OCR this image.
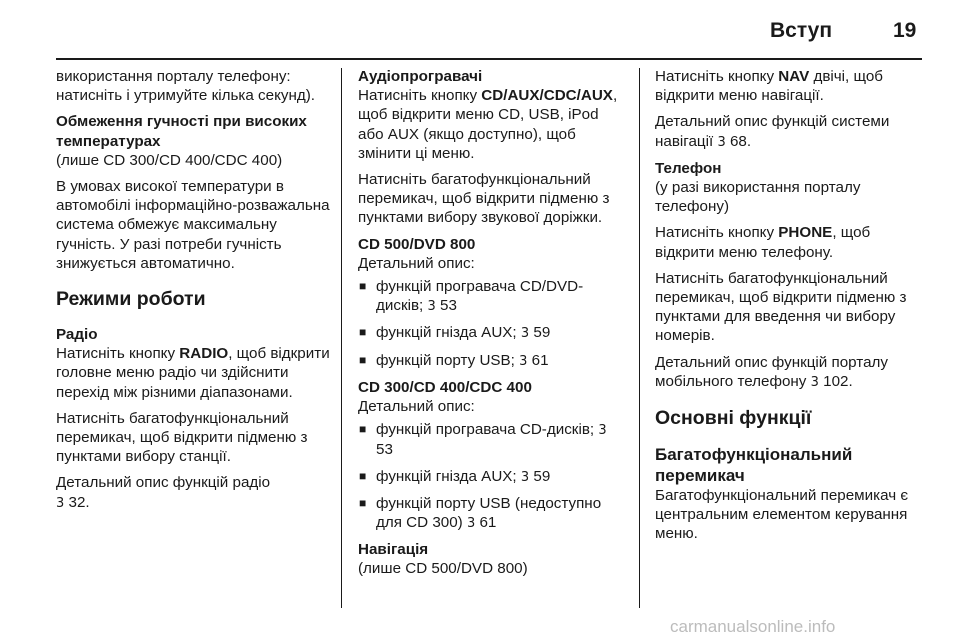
Вступ	19

використання порталу телефону: натисніть і утримуйте кілька секунд).

Обмеження гучності при високих температурах

(лише CD 300/CD 400/CDC 400)

В умовах високої температури в автомобілі інформаційно-розважальна система обмежує максимальну гучність. У разі потреби гучність знижується автоматично.

Режими роботи
Радіо

Натисніть кнопку RADIO, щоб відкрити головне меню радіо чи здійснити перехід між різними діапазонами.

Натисніть багатофункціональний перемикач, щоб відкрити підменю з пунктами вибору станції.

Детальний опис функцій радіо
3 32.

Аудіопрогравачі

Натисніть кнопку CD/AUX/CDC/AUX, щоб відкрити меню CD, USB, iPod або AUX (якщо доступно), щоб змінити ці меню.

Натисніть багатофункціональний перемикач, щоб відкрити підменю з пунктами вибору звукової доріжки.

CD 500/DVD 800
Детальний опис:
■ функцій програвача CD/DVD-дисків; 3 53
■ функцій гнізда AUX; 3 59
■ функцій порту USB; 3 61
CD 300/CD 400/CDC 400
Детальний опис:
■ функцій програвача CD-дисків; 3 53
■ функцій гнізда AUX; 3 59
■ функцій порту USB (недоступно для CD 300) 3 61
Навігація

(лише CD 500/DVD 800)

Натисніть кнопку NAV двічі, щоб відкрити меню навігації.

Детальний опис функцій системи навігації 3 68.

Телефон

(у разі використання порталу телефону)

Натисніть кнопку PHONE, щоб відкрити меню телефону.

Натисніть багатофункціональний перемикач, щоб відкрити підменю з пунктами для введення чи вибору номерів.

Детальний опис функцій порталу мобільного телефону 3 102.

Основні функції
Багатофункціональний перемикач

Багатофункціональний перемикач є центральним елементом керування меню.

carmanualsonline.info
